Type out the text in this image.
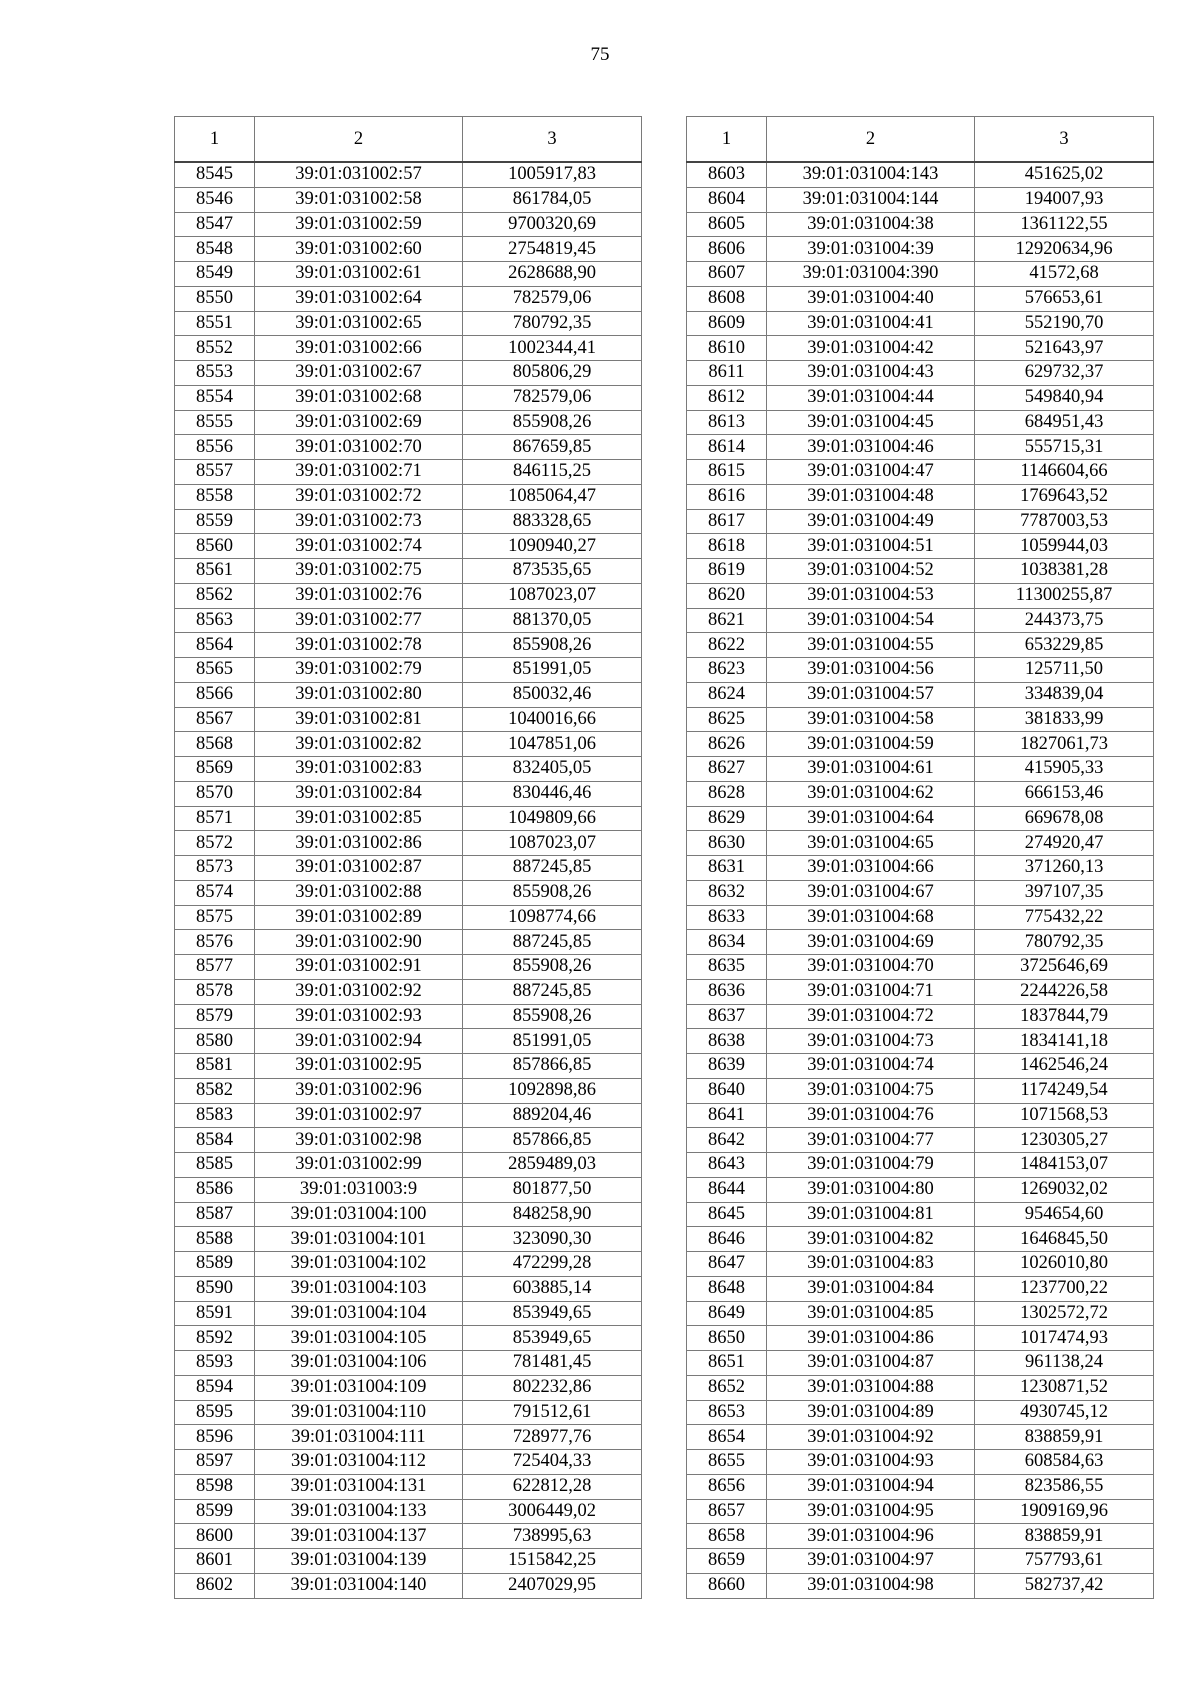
75
1	2	3
8545	39:01:031002:57	1005917,83
8546	39:01:031002:58	861784,05
8547	39:01:031002:59	9700320,69
8548	39:01:031002:60	2754819,45
8549	39:01:031002:61	2628688,90
8550	39:01:031002:64	782579,06
8551	39:01:031002:65	780792,35
8552	39:01:031002:66	1002344,41
8553	39:01:031002:67	805806,29
8554	39:01:031002:68	782579,06
8555	39:01:031002:69	855908,26
8556	39:01:031002:70	867659,85
8557	39:01:031002:71	846115,25
8558	39:01:031002:72	1085064,47
8559	39:01:031002:73	883328,65
8560	39:01:031002:74	1090940,27
8561	39:01:031002:75	873535,65
8562	39:01:031002:76	1087023,07
8563	39:01:031002:77	881370,05
8564	39:01:031002:78	855908,26
8565	39:01:031002:79	851991,05
8566	39:01:031002:80	850032,46
8567	39:01:031002:81	1040016,66
8568	39:01:031002:82	1047851,06
8569	39:01:031002:83	832405,05
8570	39:01:031002:84	830446,46
8571	39:01:031002:85	1049809,66
8572	39:01:031002:86	1087023,07
8573	39:01:031002:87	887245,85
8574	39:01:031002:88	855908,26
8575	39:01:031002:89	1098774,66
8576	39:01:031002:90	887245,85
8577	39:01:031002:91	855908,26
8578	39:01:031002:92	887245,85
8579	39:01:031002:93	855908,26
8580	39:01:031002:94	851991,05
8581	39:01:031002:95	857866,85
8582	39:01:031002:96	1092898,86
8583	39:01:031002:97	889204,46
8584	39:01:031002:98	857866,85
8585	39:01:031002:99	2859489,03
8586	39:01:031003:9	801877,50
8587	39:01:031004:100	848258,90
8588	39:01:031004:101	323090,30
8589	39:01:031004:102	472299,28
8590	39:01:031004:103	603885,14
8591	39:01:031004:104	853949,65
8592	39:01:031004:105	853949,65
8593	39:01:031004:106	781481,45
8594	39:01:031004:109	802232,86
8595	39:01:031004:110	791512,61
8596	39:01:031004:111	728977,76
8597	39:01:031004:112	725404,33
8598	39:01:031004:131	622812,28
8599	39:01:031004:133	3006449,02
8600	39:01:031004:137	738995,63
8601	39:01:031004:139	1515842,25
8602	39:01:031004:140	2407029,95
1	2	3
8603	39:01:031004:143	451625,02
8604	39:01:031004:144	194007,93
8605	39:01:031004:38	1361122,55
8606	39:01:031004:39	12920634,96
8607	39:01:031004:390	41572,68
8608	39:01:031004:40	576653,61
8609	39:01:031004:41	552190,70
8610	39:01:031004:42	521643,97
8611	39:01:031004:43	629732,37
8612	39:01:031004:44	549840,94
8613	39:01:031004:45	684951,43
8614	39:01:031004:46	555715,31
8615	39:01:031004:47	1146604,66
8616	39:01:031004:48	1769643,52
8617	39:01:031004:49	7787003,53
8618	39:01:031004:51	1059944,03
8619	39:01:031004:52	1038381,28
8620	39:01:031004:53	11300255,87
8621	39:01:031004:54	244373,75
8622	39:01:031004:55	653229,85
8623	39:01:031004:56	125711,50
8624	39:01:031004:57	334839,04
8625	39:01:031004:58	381833,99
8626	39:01:031004:59	1827061,73
8627	39:01:031004:61	415905,33
8628	39:01:031004:62	666153,46
8629	39:01:031004:64	669678,08
8630	39:01:031004:65	274920,47
8631	39:01:031004:66	371260,13
8632	39:01:031004:67	397107,35
8633	39:01:031004:68	775432,22
8634	39:01:031004:69	780792,35
8635	39:01:031004:70	3725646,69
8636	39:01:031004:71	2244226,58
8637	39:01:031004:72	1837844,79
8638	39:01:031004:73	1834141,18
8639	39:01:031004:74	1462546,24
8640	39:01:031004:75	1174249,54
8641	39:01:031004:76	1071568,53
8642	39:01:031004:77	1230305,27
8643	39:01:031004:79	1484153,07
8644	39:01:031004:80	1269032,02
8645	39:01:031004:81	954654,60
8646	39:01:031004:82	1646845,50
8647	39:01:031004:83	1026010,80
8648	39:01:031004:84	1237700,22
8649	39:01:031004:85	1302572,72
8650	39:01:031004:86	1017474,93
8651	39:01:031004:87	961138,24
8652	39:01:031004:88	1230871,52
8653	39:01:031004:89	4930745,12
8654	39:01:031004:92	838859,91
8655	39:01:031004:93	608584,63
8656	39:01:031004:94	823586,55
8657	39:01:031004:95	1909169,96
8658	39:01:031004:96	838859,91
8659	39:01:031004:97	757793,61
8660	39:01:031004:98	582737,42
